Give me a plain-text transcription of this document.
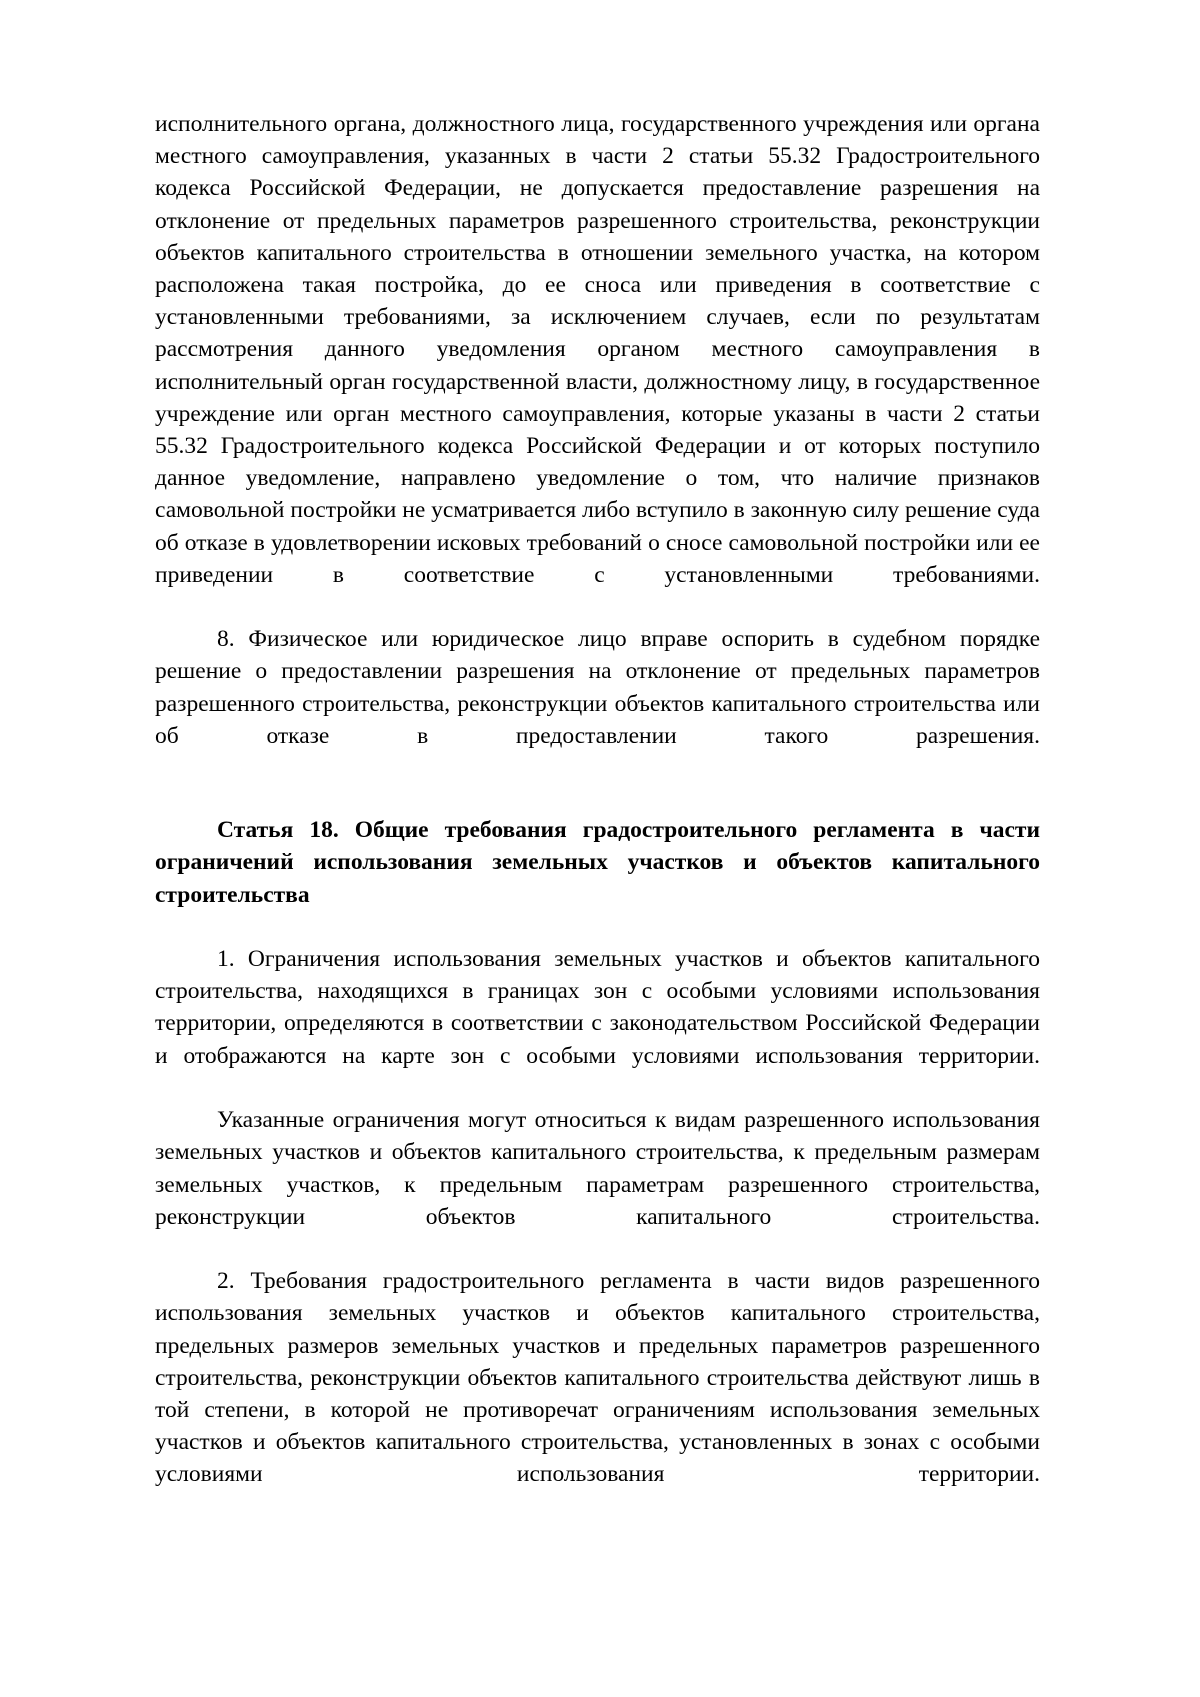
исполнительного органа, должностного лица, государственного учреждения или органа местного самоуправления, указанных в части 2 статьи 55.32 Градостроительного кодекса Российской Федерации, не допускается предоставление разрешения на отклонение от предельных параметров разрешенного строительства, реконструкции объектов капитального строительства в отношении земельного участка, на котором расположена такая постройка, до ее сноса или приведения в соответствие с установленными требованиями, за исключением случаев, если по результатам рассмотрения данного уведомления органом местного самоуправления в исполнительный орган государственной власти, должностному лицу, в государственное учреждение или орган местного самоуправления, которые указаны в части 2 статьи 55.32 Градостроительного кодекса Российской Федерации и от которых поступило данное уведомление, направлено уведомление о том, что наличие признаков самовольной постройки не усматривается либо вступило в законную силу решение суда об отказе в удовлетворении исковых требований о сносе самовольной постройки или ее приведении в соответствие с установленными требованиями.

8. Физическое или юридическое лицо вправе оспорить в судебном порядке решение о предоставлении разрешения на отклонение от предельных параметров разрешенного строительства, реконструкции объектов капитального строительства или об отказе в предоставлении такого разрешения.

Статья 18. Общие требования градостроительного регламента в части ограничений использования земельных участков и объектов капитального строительства

1. Ограничения использования земельных участков и объектов капитального строительства, находящихся в границах зон с особыми условиями использования территории, определяются в соответствии с законодательством Российской Федерации и отображаются на карте зон с особыми условиями использования территории.

Указанные ограничения могут относиться к видам разрешенного использования земельных участков и объектов капитального строительства, к предельным размерам земельных участков, к предельным параметрам разрешенного строительства, реконструкции объектов капитального строительства.

2. Требования градостроительного регламента в части видов разрешенного использования земельных участков и объектов капитального строительства, предельных размеров земельных участков и предельных параметров разрешенного строительства, реконструкции объектов капитального строительства действуют лишь в той степени, в которой не противоречат ограничениям использования земельных участков и объектов капитального строительства, установленных в зонах с особыми условиями использования территории.
